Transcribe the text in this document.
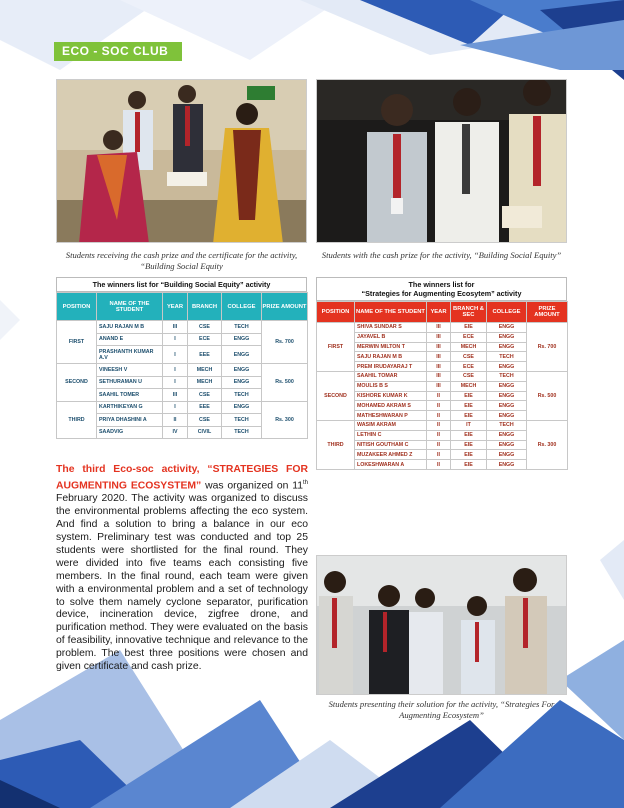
ECO - SOC CLUB
Students receiving the cash prize and the certificate for the activity, “Building Social Equity
Students with the cash prize for the activity, “Building Social Equity”
The winners list for “Building Social Equity” activity
POSITION	NAME OF THE STUDENT	YEAR	BRANCH	COLLEGE	PRIZE AMOUNT
FIRST	SAJU RAJAN M B	III	CSE	TECH	Rs. 700
	ANAND E	I	ECE	ENGG	
	PRASHANTH KUMAR A.V	I	EEE	ENGG	
SECOND	VINEESH V	I	MECH	ENGG	Rs. 500
	SETHURAMAN U	I	MECH	ENGG	
	SAAHIL TOMER	III	CSE	TECH	
THIRD	KARTHIKEYAN G	I	EEE	ENGG	Rs. 300
	PRIYA DHASHINI A	II	CSE	TECH	
	SAADVIG	IV	CIVIL	TECH	
The winners list for
“Strategies for Augmenting Ecosytem” activity
POSITION	NAME OF THE STUDENT	YEAR	BRANCH & SEC	COLLEGE	PRIZE AMOUNT
FIRST	SHIVA SUNDAR S	III	EIE	ENGG	Rs. 700
	JAYAVEL B	III	ECE	ENGG	
	MERWIN MILTON T	III	MECH	ENGG	
	SAJU RAJAN M B	III	CSE	TECH	
	PREM IRUDAYARAJ T	III	ECE	ENGG	
SECOND	SAAHIL TOMAR	III	CSE	TECH	Rs. 500
	MOULIS B S	III	MECH	ENGG	
	KISHORE KUMAR K	II	EIE	ENGG	
	MOHAMED AKRAM S	II	EIE	ENGG	
	MATHESHWARAN P	II	EIE	ENGG	
THIRD	WASIM AKRAM	II	IT	TECH	Rs. 300
	LETHIN C	II	EIE	ENGG	
	NITISH GOUTHAM C	II	EIE	ENGG	
	MUZAKEER AHMED Z	II	EIE	ENGG	
	LOKESHWARAN A	II	EIE	ENGG	
Students presenting their solution for the activity, “Strategies For Augmenting Ecosystem”
The third Eco-soc activity, “STRATEGIES FOR AUGMENTING ECOSYSTEM” was organized on 11th February 2020. The activity was organized to discuss the environmental problems affecting the eco system. And find a solution to bring a balance in our eco system. Preliminary test was conducted and top 25 students were shortlisted for the final round. They were divided into five teams each consisting five members. In the final round, each team were given with a environmental problem and a set of technology to solve them namely cyclone separator, purification device, incineration device, zigfree drone, and purification method. They were evaluated on the basis of feasibility, innovative technique and relevance to the problem. The best three positions were chosen and given certificate and cash prize.
